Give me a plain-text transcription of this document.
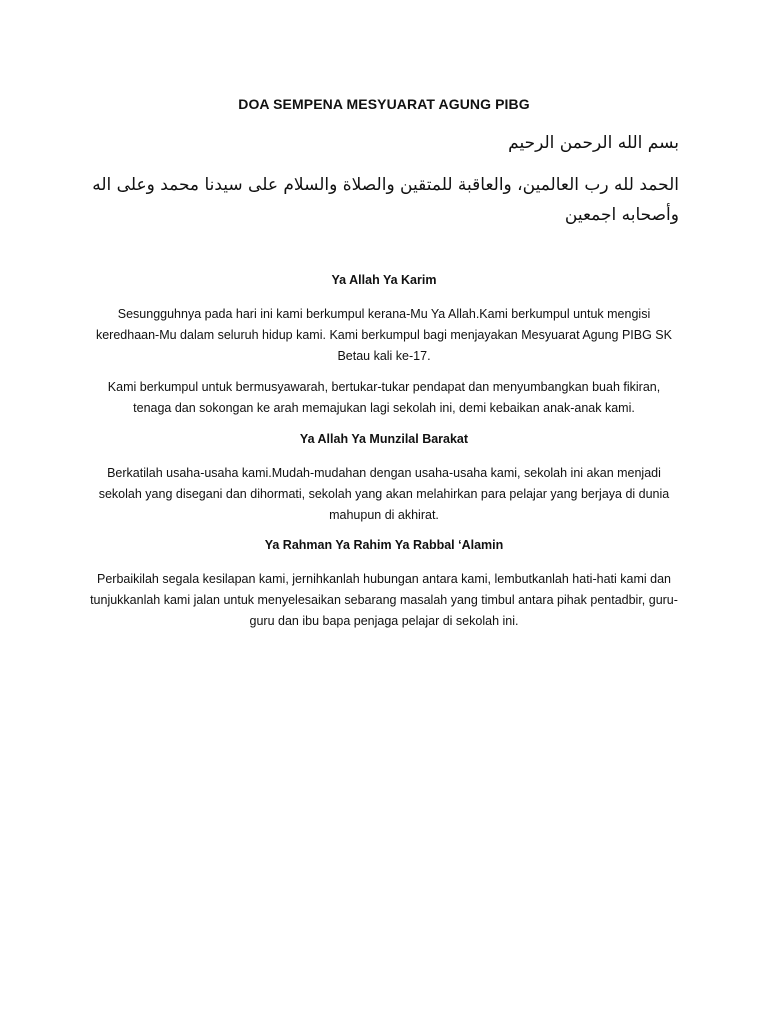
DOA SEMPENA MESYUARAT AGUNG PIBG
بسم الله الرحمن الرحيم
الحمد لله رب العالمين، والعاقبة للمتقين والصلاة والسلام على سيدنا محمد وعلى اله وأصحابه اجمعين
Ya Allah Ya Karim
Sesungguhnya pada hari ini kami berkumpul kerana-Mu Ya Allah.Kami berkumpul untuk mengisi keredhaan-Mu dalam seluruh hidup kami. Kami berkumpul bagi menjayakan Mesyuarat Agung PIBG SK Betau kali ke-17.
Kami berkumpul untuk bermusyawarah, bertukar-tukar pendapat dan menyumbangkan buah fikiran, tenaga dan sokongan ke arah memajukan lagi sekolah ini, demi kebaikan anak-anak kami.
Ya Allah Ya Munzilal Barakat
Berkatilah usaha-usaha kami.Mudah-mudahan dengan usaha-usaha kami, sekolah ini akan menjadi sekolah yang disegani dan dihormati, sekolah yang akan melahirkan para pelajar yang berjaya di dunia mahupun di akhirat.
Ya Rahman Ya Rahim Ya Rabbal ‘Alamin
Perbaikilah segala kesilapan kami, jernihkanlah hubungan antara kami, lembutkanlah hati-hati kami dan tunjukkanlah kami jalan untuk menyelesaikan sebarang masalah yang timbul antara pihak pentadbir, guru-guru dan ibu bapa penjaga pelajar di sekolah ini.
